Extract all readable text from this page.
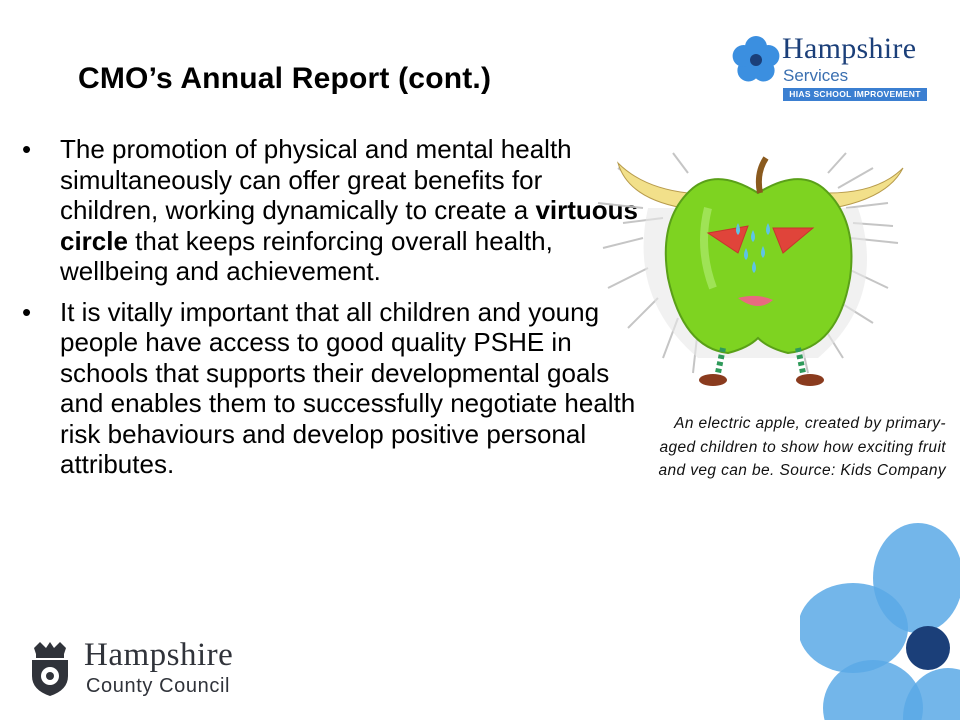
CMO’s Annual Report (cont.)
• The promotion of physical and mental health simultaneously can offer great benefits for children, working dynamically to create a virtuous circle that keeps reinforcing overall health, wellbeing and achievement.
• It is vitally important that all children and young people have access to good quality PSHE in schools that supports their developmental goals and enables them to successfully negotiate health risk behaviours and develop positive personal attributes.
Hampshire
Services
HIAS SCHOOL IMPROVEMENT
An electric apple, created by primary-aged children to show how exciting fruit and veg can be. Source: Kids Company
Hampshire
County Council
